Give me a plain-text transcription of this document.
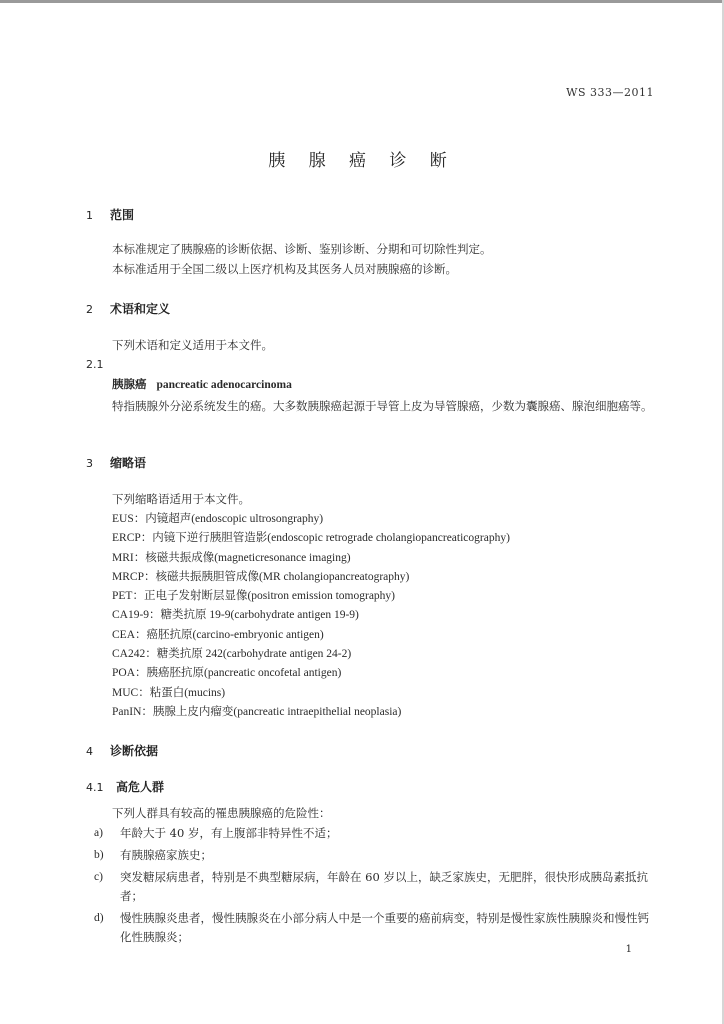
WS 333—2011
胰 腺 癌 诊 断
1 范围
本标准规定了胰腺癌的诊断依据、诊断、鉴别诊断、分期和可切除性判定。
本标准适用于全国二级以上医疗机构及其医务人员对胰腺癌的诊断。
2 术语和定义
下列术语和定义适用于本文件。
2.1
胰腺癌 pancreatic adenocarcinoma
特指胰腺外分泌系统发生的癌。大多数胰腺癌起源于导管上皮为导管腺癌，少数为囊腺癌、腺泡细胞癌等。
3 缩略语
下列缩略语适用于本文件。
EUS：内镜超声(endoscopic ultrosongraphy)
ERCP：内镜下逆行胰胆管造影(endoscopic retrograde cholangiopancreaticography)
MRI：核磁共振成像(magneticresonance imaging)
MRCP：核磁共振胰胆管成像(MR cholangiopancreatography)
PET：正电子发射断层显像(positron emission tomography)
CA19-9：糖类抗原 19-9(carbohydrate antigen 19-9)
CEA：癌胚抗原(carcino-embryonic antigen)
CA242：糖类抗原 242(carbohydrate antigen 24-2)
POA：胰癌胚抗原(pancreatic oncofetal antigen)
MUC：粘蛋白(mucins)
PanIN：胰腺上皮内瘤变(pancreatic intraepithelial neoplasia)
4 诊断依据
4.1 高危人群
下列人群具有较高的罹患胰腺癌的危险性：
a) 年龄大于 40 岁，有上腹部非特异性不适；
b) 有胰腺癌家族史；
c) 突发糖尿病患者，特别是不典型糖尿病，年龄在 60 岁以上，缺乏家族史，无肥胖，很快形成胰岛素抵抗者；
d) 慢性胰腺炎患者，慢性胰腺炎在小部分病人中是一个重要的癌前病变，特别是慢性家族性胰腺炎和慢性钙化性胰腺炎；
1
